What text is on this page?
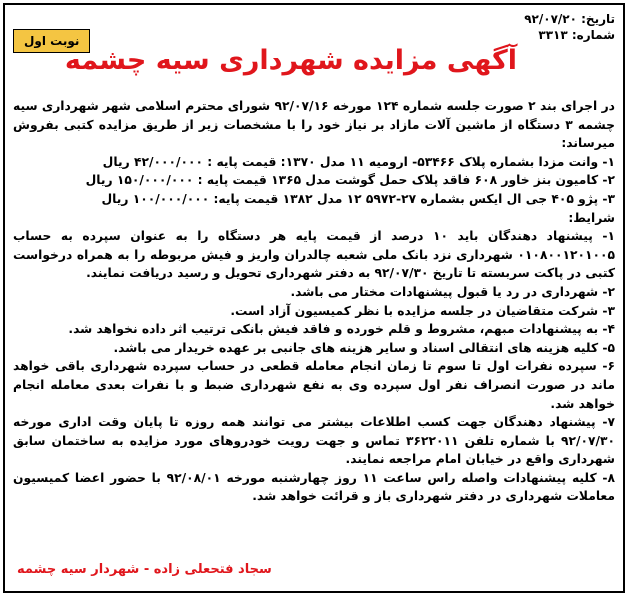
تاریخ: ۹۲/۰۷/۲۰
شماره: ۳۳۱۳
نوبت اول
آگهی مزایده شهرداری سیه چشمه

در اجرای بند ۲ صورت جلسه شماره ۱۲۴ مورخه ۹۲/۰۷/۱۶ شورای محترم اسلامی شهر شهرداری سیه چشمه ۳ دستگاه از ماشین آلات مازاد بر نیاز خود را با مشخصات زیر از طریق مزایده کتبی بفروش میرساند:

۱- وانت مزدا بشماره پلاک ۵۳۴۶۶- ارومیه ۱۱ مدل ۱۳۷۰: قیمت پایه : ۴۲/۰۰۰/۰۰۰ ریال

۲- کامیون بنز خاور ۶۰۸ فاقد پلاک حمل گوشت مدل ۱۳۶۵ قیمت پایه : ۱۵۰/۰۰۰/۰۰۰ ریال

۳- پژو ۴۰۵ جی ال ایکس بشماره ۲۷-۵۹۷۲ ۱۲ مدل ۱۳۸۲ قیمت پایه: ۱۰۰/۰۰۰/۰۰۰ ریال

شرایط:

۱- پیشنهاد دهندگان باید ۱۰ درصد از قیمت پایه هر دستگاه را به عنوان سپرده به حساب ۰۱۰۸۰۰۱۲۰۱۰۰۵ شهرداری نزد بانک ملی شعبه چالدران واریز و فیش مربوطه را به همراه درخواست کتبی در پاکت سربسته تا تاریخ ۹۲/۰۷/۳۰ به دفتر شهرداری تحویل و رسید دریافت نمایند.

۲- شهرداری در رد یا قبول پیشنهادات مختار می باشد.

۳- شرکت متقاضیان در جلسه مزایده با نظر کمیسیون آزاد است.

۴- به پیشنهادات مبهم، مشروط و قلم خورده و فاقد فیش بانکی ترتیب اثر داده نخواهد شد.

۵- کلیه هزینه های انتقالی اسناد و سایر هزینه های جانبی بر عهده خریدار می باشد.

۶- سپرده نفرات اول تا سوم تا زمان انجام معامله قطعی در حساب سپرده شهرداری باقی خواهد ماند در صورت انصراف نفر اول سپرده وی به نفع شهرداری ضبط و با نفرات بعدی معامله انجام خواهد شد.

۷- پیشنهاد دهندگان جهت کسب اطلاعات بیشتر می توانند همه روزه تا پایان وقت اداری مورخه ۹۲/۰۷/۳۰ با شماره تلفن ۳۶۲۲۰۱۱ تماس و جهت رویت خودروهای مورد مزایده به ساختمان سابق شهرداری واقع در خیابان امام مراجعه نمایند.

۸- کلیه پیشنهادات واصله راس ساعت ۱۱ روز چهارشنبه مورخه ۹۲/۰۸/۰۱ با حضور اعضا کمیسیون معاملات شهرداری در دفتر شهرداری باز و قرائت خواهد شد.

سجاد فتحعلی زاده - شهردار سیه چشمه
